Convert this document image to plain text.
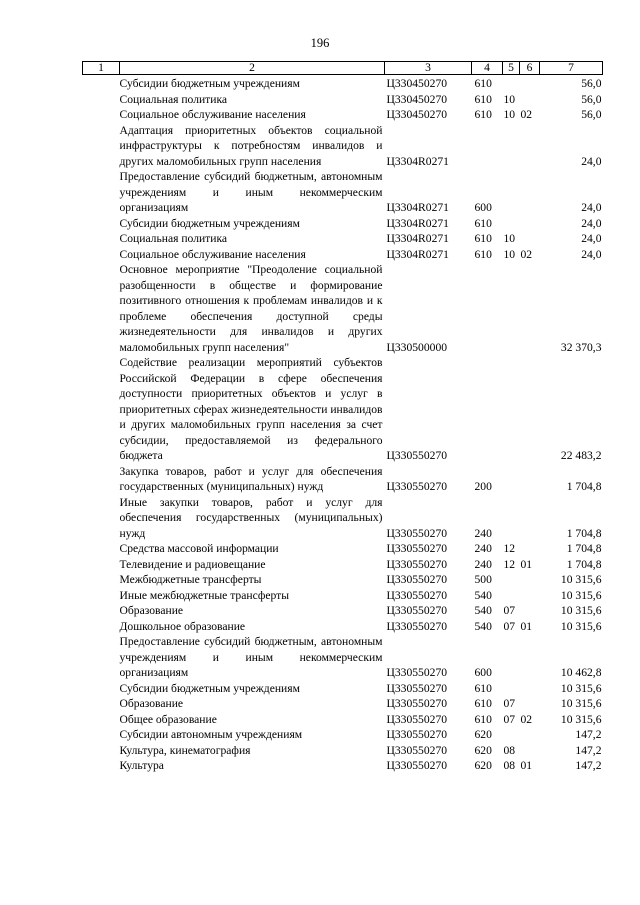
196
1	2	3	4	5	6	7
	Субсидии бюджетным учреждениям	Ц330450270	610			56,0
	Социальная политика	Ц330450270	610	10		56,0
	Социальное обслуживание населения	Ц330450270	610	10	02	56,0
	Адаптация приоритетных объектов социальной инфраструктуры к потребностям инвалидов и других маломобильных групп населения	Ц3304R0271				24,0
	Предоставление субсидий бюджетным, автономным учреждениям и иным некоммерческим организациям	Ц3304R0271	600			24,0
	Субсидии бюджетным учреждениям	Ц3304R0271	610			24,0
	Социальная политика	Ц3304R0271	610	10		24,0
	Социальное обслуживание населения	Ц3304R0271	610	10	02	24,0
	Основное мероприятие "Преодоление социальной разобщенности в обществе и формирование позитивного отношения к проблемам инвалидов и к проблеме обеспечения доступной среды жизнедеятельности для инвалидов и других маломобильных групп населения"	Ц330500000				32 370,3
	Содействие реализации мероприятий субъектов Российской Федерации в сфере обеспечения доступности приоритетных объектов и услуг в приоритетных сферах жизнедеятельности инвалидов и других маломобильных групп населения за счет субсидии, предоставляемой из федерального бюджета	Ц330550270				22 483,2
	Закупка товаров, работ и услуг для обеспечения государственных (муниципальных) нужд	Ц330550270	200			1 704,8
	Иные закупки товаров, работ и услуг для обеспечения государственных (муниципальных) нужд	Ц330550270	240			1 704,8
	Средства массовой информации	Ц330550270	240	12		1 704,8
	Телевидение и радиовещание	Ц330550270	240	12	01	1 704,8
	Межбюджетные трансферты	Ц330550270	500			10 315,6
	Иные межбюджетные трансферты	Ц330550270	540			10 315,6
	Образование	Ц330550270	540	07		10 315,6
	Дошкольное образование	Ц330550270	540	07	01	10 315,6
	Предоставление субсидий бюджетным, автономным учреждениям и иным некоммерческим организациям	Ц330550270	600			10 462,8
	Субсидии бюджетным учреждениям	Ц330550270	610			10 315,6
	Образование	Ц330550270	610	07		10 315,6
	Общее образование	Ц330550270	610	07	02	10 315,6
	Субсидии автономным учреждениям	Ц330550270	620			147,2
	Культура, кинематография	Ц330550270	620	08		147,2
	Культура	Ц330550270	620	08	01	147,2
